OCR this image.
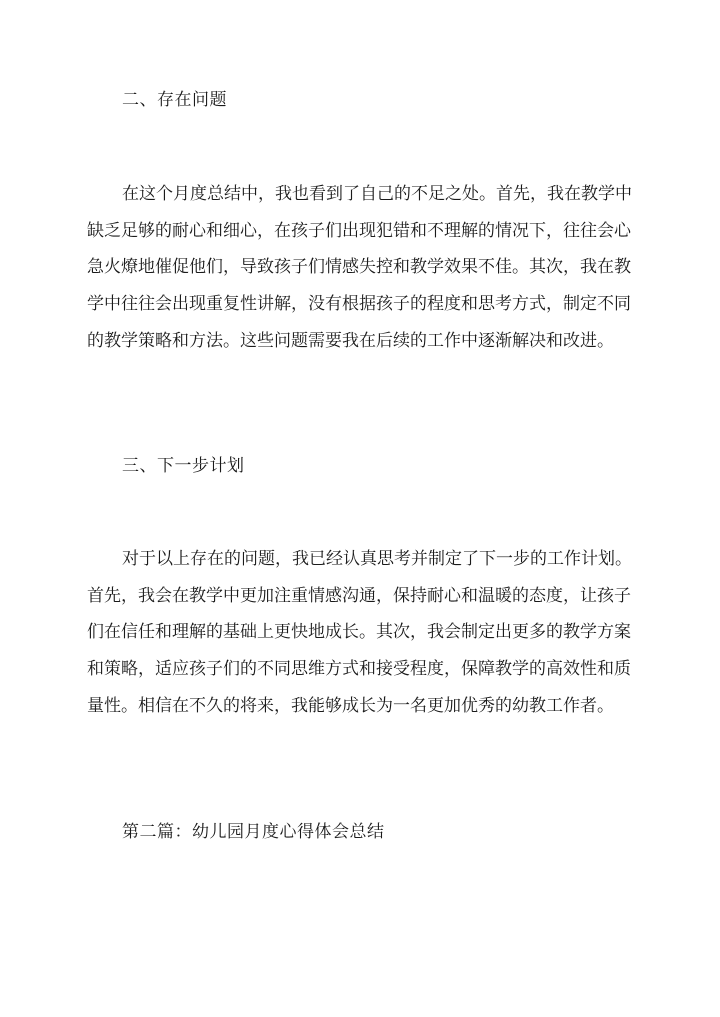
二、存在问题
在这个月度总结中，我也看到了自己的不足之处。首先，我在教学中
缺乏足够的耐心和细心，在孩子们出现犯错和不理解的情况下，往往会心
急火燎地催促他们，导致孩子们情感失控和教学效果不佳。其次，我在教
学中往往会出现重复性讲解，没有根据孩子的程度和思考方式，制定不同
的教学策略和方法。这些问题需要我在后续的工作中逐渐解决和改进。
三、下一步计划
对于以上存在的问题，我已经认真思考并制定了下一步的工作计划。
首先，我会在教学中更加注重情感沟通，保持耐心和温暖的态度，让孩子
们在信任和理解的基础上更快地成长。其次，我会制定出更多的教学方案
和策略，适应孩子们的不同思维方式和接受程度，保障教学的高效性和质
量性。相信在不久的将来，我能够成长为一名更加优秀的幼教工作者。
第二篇：幼儿园月度心得体会总结
